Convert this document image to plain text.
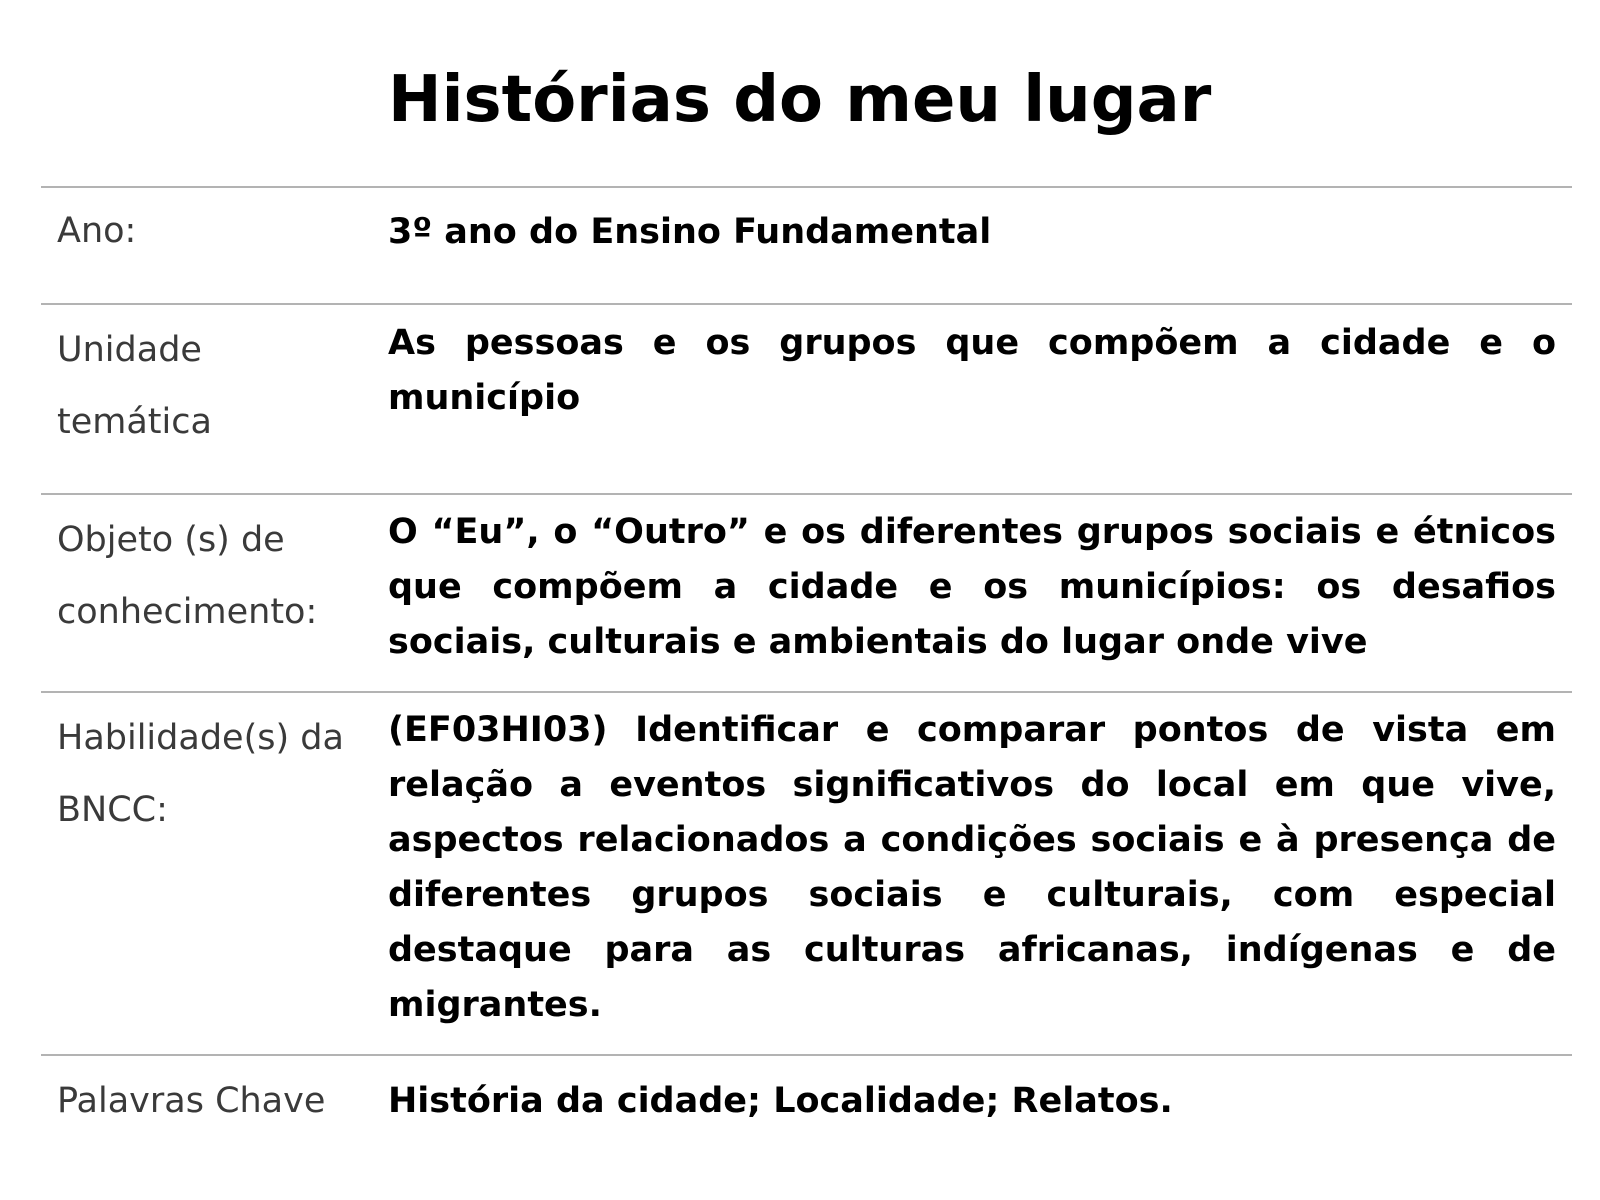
Histórias do meu lugar
Ano:	3º ano do Ensino Fundamental
Unidade temática
As pessoas e os grupos que compõem a cidade e o município
Objeto (s) de conhecimento:
O “Eu”, o “Outro” e os diferentes grupos sociais e étnicos que compõem a cidade e os municípios: os desafios sociais, culturais e ambientais do lugar onde vive
Habilidade(s) da BNCC:
(EF03HI03) Identificar e comparar pontos de vista em relação a eventos significativos do local em que vive, aspectos relacionados a condições sociais e à presença de diferentes grupos sociais e culturais, com especial destaque para as culturas africanas, indígenas e de migrantes.
Palavras Chave	História da cidade; Localidade; Relatos.
